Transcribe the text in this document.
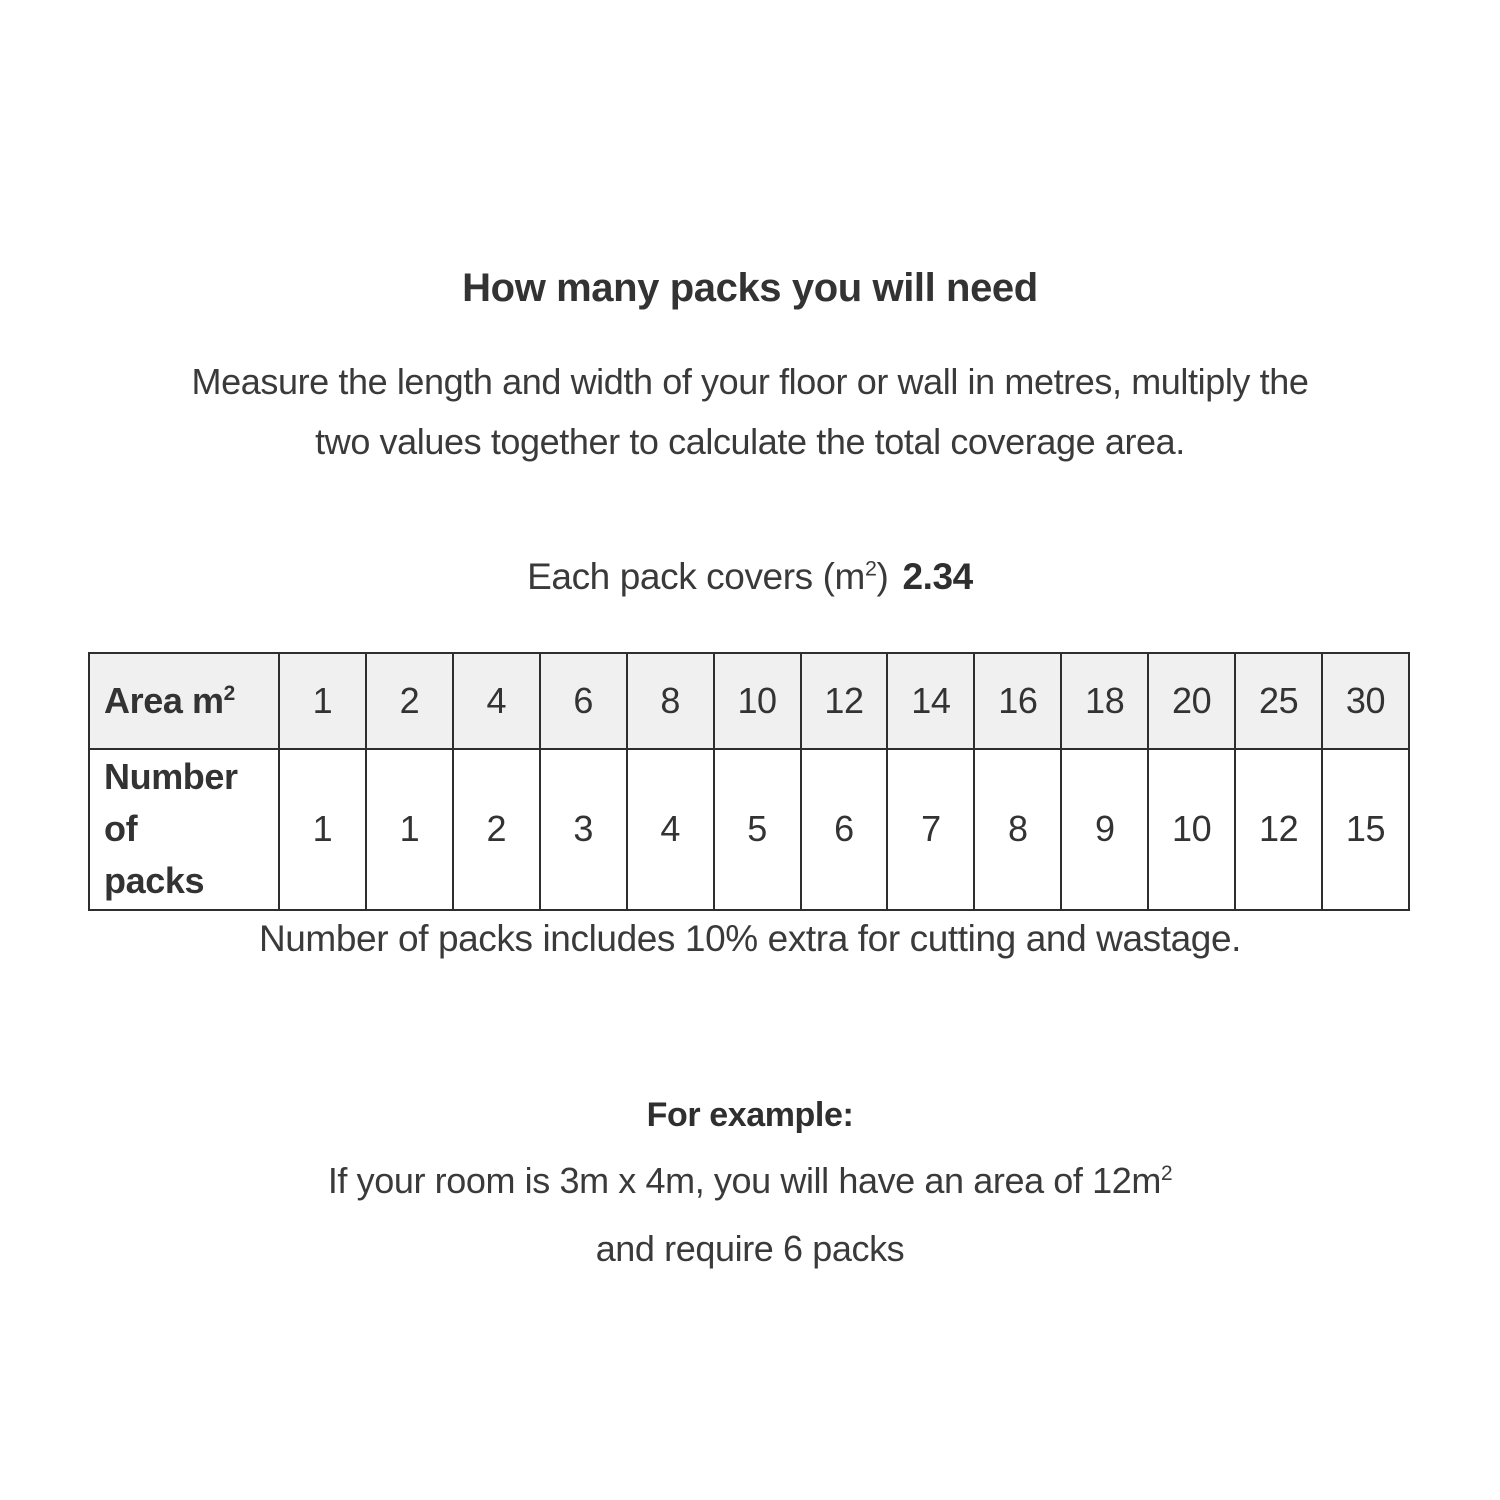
How many packs you will need
Measure the length and width of your floor or wall in metres, multiply the
two values together to calculate the total coverage area.
Each pack covers $(m^2)$ 2.34
Area $m^2$	1	2	4	6	8	10	12	14	16	18	20	25	30
Number of packs	1	1	2	3	4	5	6	7	8	9	10	12	15
Number of packs includes 10% extra for cutting and wastage.
For example:
If your room is 3m x 4m, you will have an area of $12m^2$
and require 6 packs
